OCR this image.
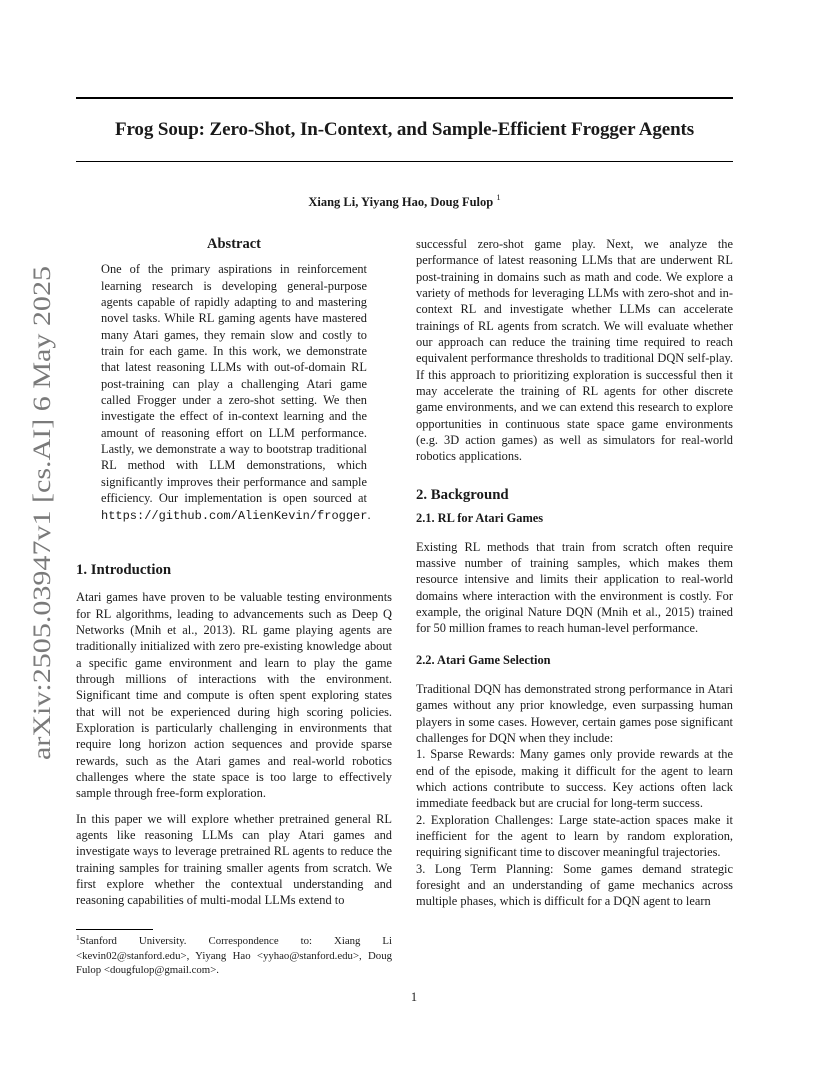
Frog Soup: Zero-Shot, In-Context, and Sample-Efficient Frogger Agents
Xiang Li, Yiyang Hao, Doug Fulop $^1$
arXiv:2505.03947v1 [cs.AI] 6 May 2025
Abstract

One of the primary aspirations in reinforcement learning research is developing general-purpose agents capable of rapidly adapting to and mastering novel tasks. While RL gaming agents have mastered many Atari games, they remain slow and costly to train for each game. In this work, we demonstrate that latest reasoning LLMs with out-of-domain RL post-training can play a challenging Atari game called Frogger under a zero-shot setting. We then investigate the effect of in-context learning and the amount of reasoning effort on LLM performance. Lastly, we demonstrate a way to bootstrap traditional RL method with LLM demonstrations, which significantly improves their performance and sample efficiency. Our implementation is open sourced at https://github.com/AlienKevin/frogger.

1. Introduction

Atari games have proven to be valuable testing environments for RL algorithms, leading to advancements such as Deep Q Networks (Mnih et al., 2013). RL game playing agents are traditionally initialized with zero pre-existing knowledge about a specific game environment and learn to play the game through millions of interactions with the environment. Significant time and compute is often spent exploring states that will not be experienced during high scoring policies. Exploration is particularly challenging in environments that require long horizon action sequences and provide sparse rewards, such as the Atari games and real-world robotics challenges where the state space is too large to effectively sample through free-form exploration.

In this paper we will explore whether pretrained general RL agents like reasoning LLMs can play Atari games and investigate ways to leverage pretrained RL agents to reduce the training samples for training smaller agents from scratch. We first explore whether the contextual understanding and reasoning capabilities of multi-modal LLMs extend to

successful zero-shot game play. Next, we analyze the performance of latest reasoning LLMs that are underwent RL post-training in domains such as math and code. We explore a variety of methods for leveraging LLMs with zero-shot and in-context RL and investigate whether LLMs can accelerate trainings of RL agents from scratch. We will evaluate whether our approach can reduce the training time required to reach equivalent performance thresholds to traditional DQN self-play. If this approach to prioritizing exploration is successful then it may accelerate the training of RL agents for other discrete game environments, and we can extend this research to explore opportunities in continuous state space game environments (e.g. 3D action games) as well as simulators for real-world robotics applications.

2. Background
2.1. RL for Atari Games

Existing RL methods that train from scratch often require massive number of training samples, which makes them resource intensive and limits their application to real-world domains where interaction with the environment is costly. For example, the original Nature DQN (Mnih et al., 2015) trained for 50 million frames to reach human-level performance.

2.2. Atari Game Selection

Traditional DQN has demonstrated strong performance in Atari games without any prior knowledge, even surpassing human players in some cases. However, certain games pose significant challenges for DQN when they include:

1. Sparse Rewards: Many games only provide rewards at the end of the episode, making it difficult for the agent to learn which actions contribute to success. Key actions often lack immediate feedback but are crucial for long-term success.

2. Exploration Challenges: Large state-action spaces make it inefficient for the agent to learn by random exploration, requiring significant time to discover meaningful trajectories.

3. Long Term Planning: Some games demand strategic foresight and an understanding of game mechanics across multiple phases, which is difficult for a DQN agent to learn

$^1$Stanford University. Correspondence to: Xiang Li <kevin02@stanford.edu>, Yiyang Hao <yyhao@stanford.edu>, Doug Fulop <dougfulop@gmail.com>.
1
